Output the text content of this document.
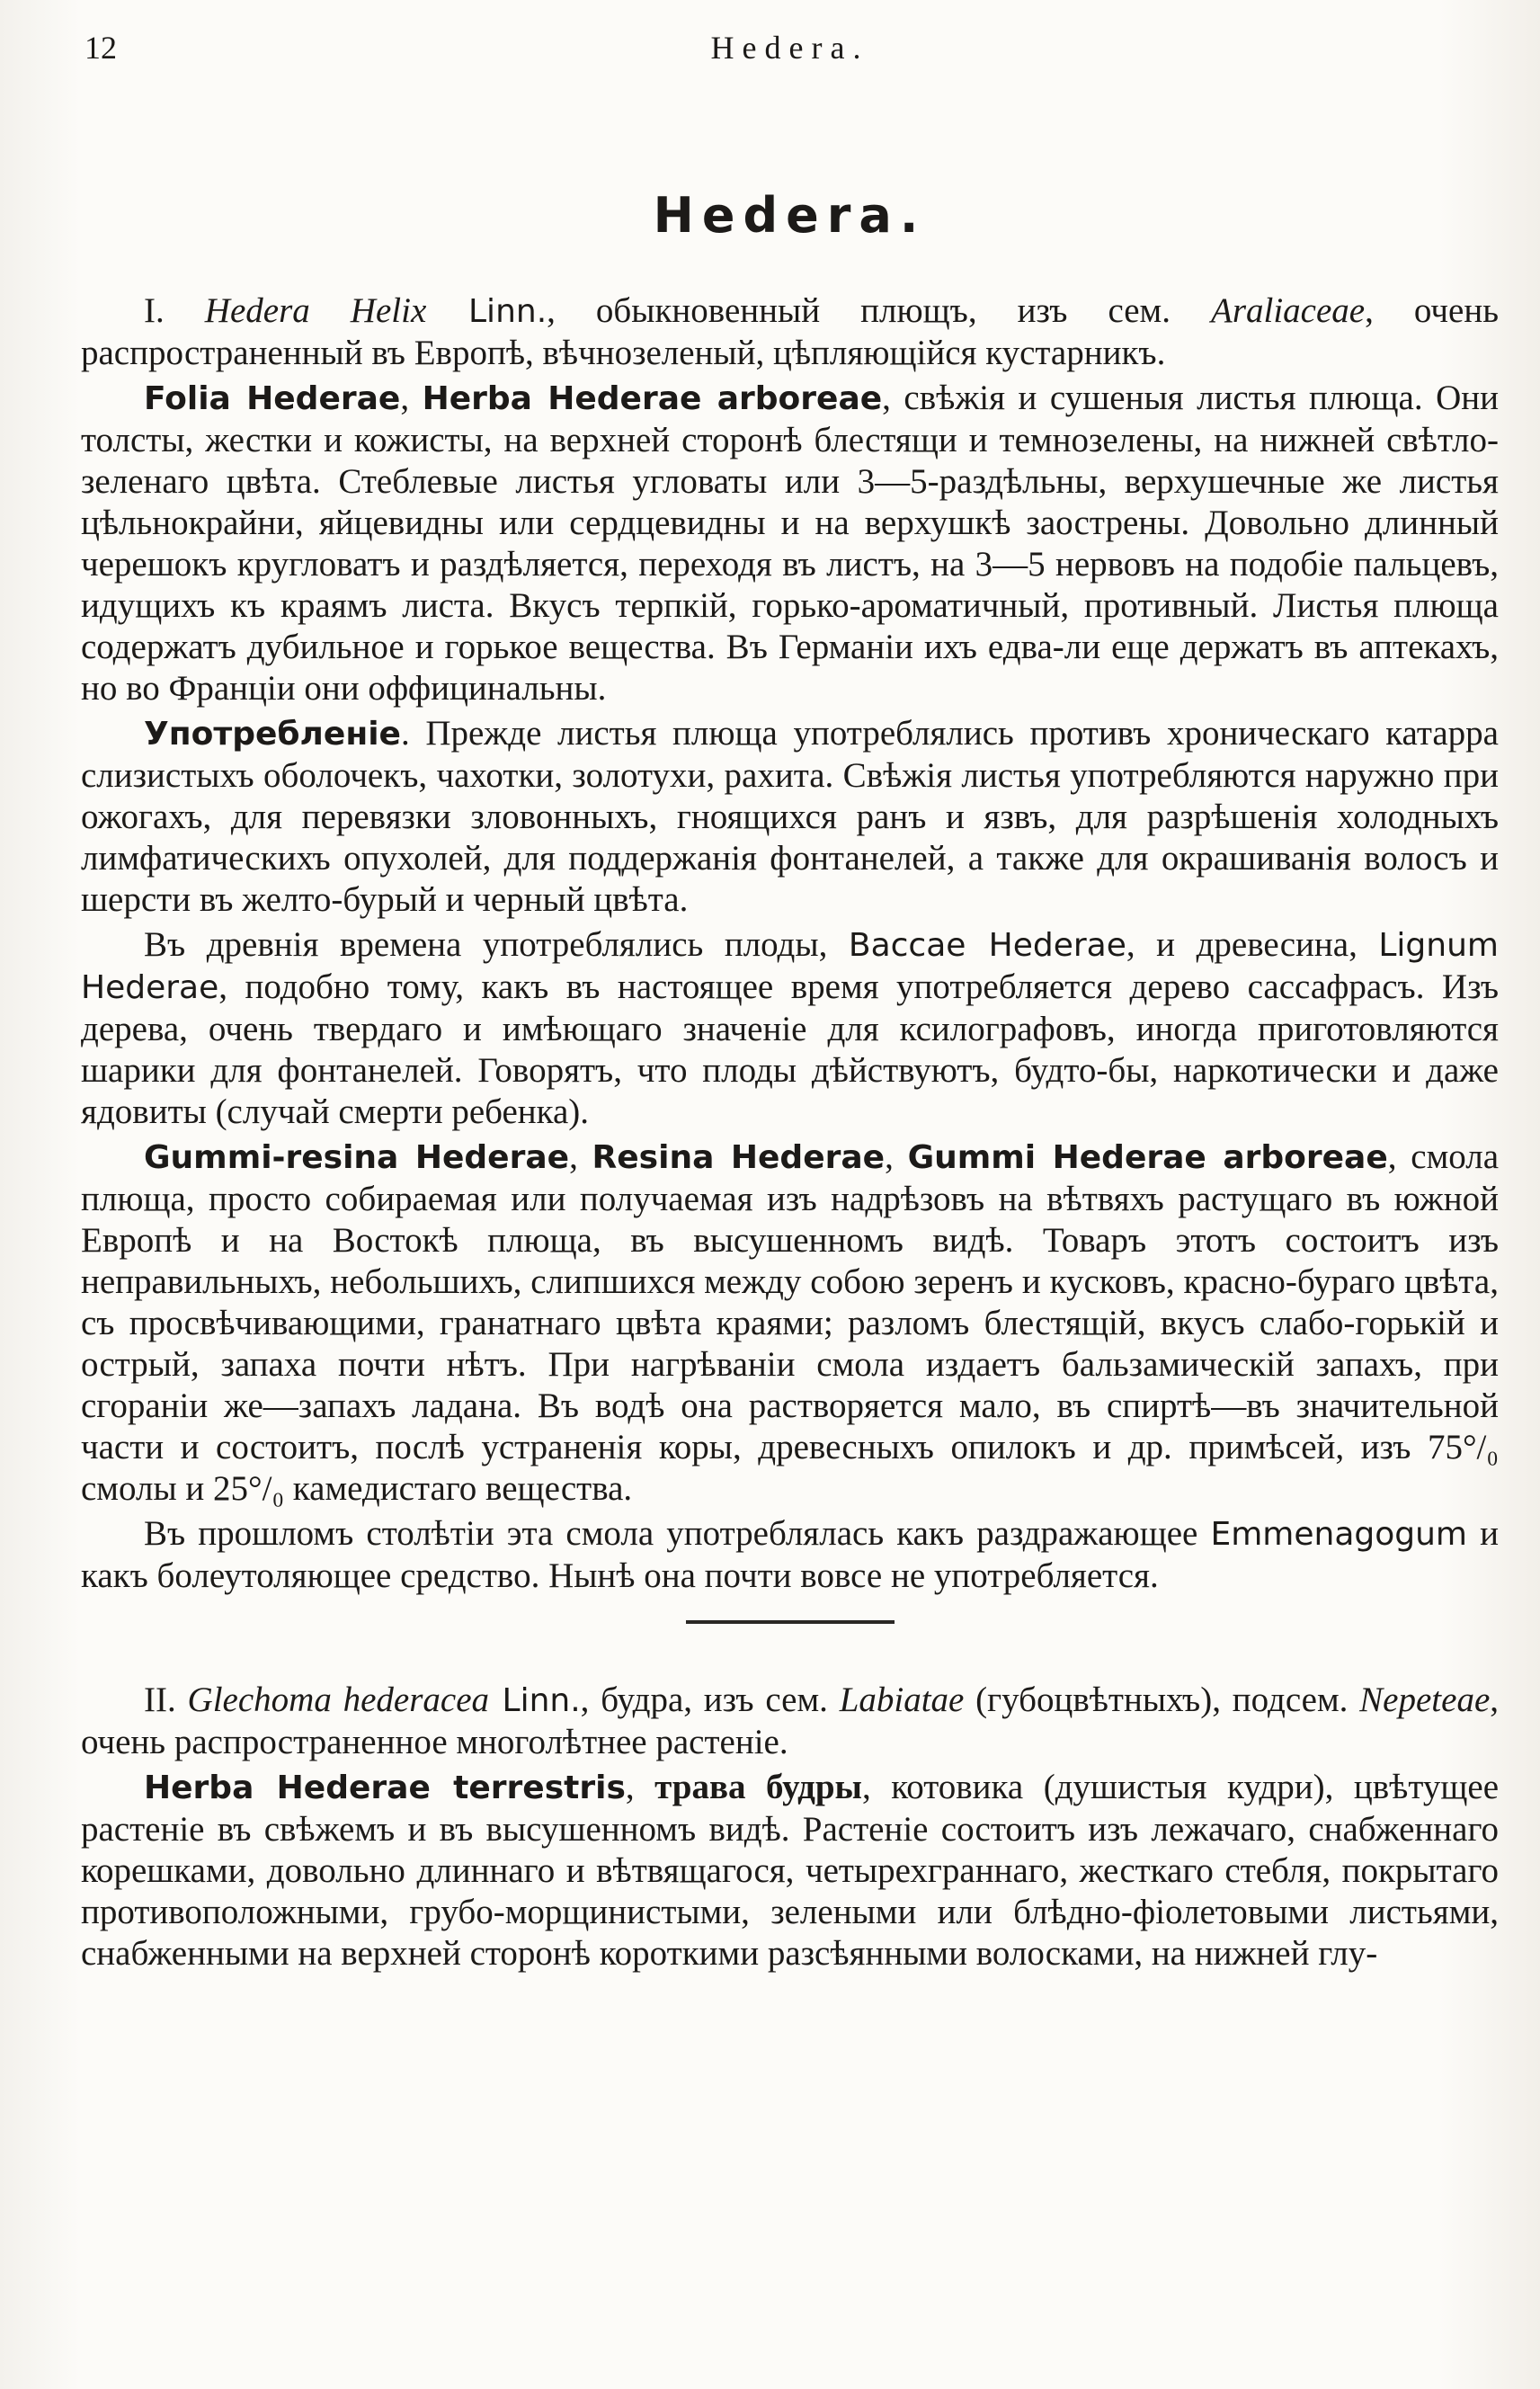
12	Hedera.
Hedera.

I. Hedera Helix Linn., обыкновенный плющъ, изъ сем. Araliaceae, очень распространенный въ Европѣ, вѣчнозеленый, цѣпляющійся кустарникъ.

Folia Hederae, Herba Hederae arboreae, свѣжія и сушеныя листья плюща. Они толсты, жестки и кожисты, на верхней сторонѣ блестящи и темнозелены, на нижней свѣтло-зеленаго цвѣта. Стеблевые листья угловаты или 3—5-раздѣльны, верхушечные же листья цѣльнокрайни, яйцевидны или сердцевидны и на верхушкѣ заострены. Довольно длинный черешокъ кругловатъ и раздѣляется, переходя въ листъ, на 3—5 нервовъ на подобіе пальцевъ, идущихъ къ краямъ листа. Вкусъ терпкій, горько-ароматичный, противный. Листья плюща содержатъ дубильное и горькое вещества. Въ Германіи ихъ едва-ли еще держатъ въ аптекахъ, но во Франціи они оффицинальны.

Употребленіе. Прежде листья плюща употреблялись противъ хроническаго катарра слизистыхъ оболочекъ, чахотки, золотухи, рахита. Свѣжія листья употребляются наружно при ожогахъ, для перевязки зловонныхъ, гноящихся ранъ и язвъ, для разрѣшенія холодныхъ лимфатическихъ опухолей, для поддержанія фонтанелей, а также для окрашиванія волосъ и шерсти въ желто-бурый и черный цвѣта.

Въ древнія времена употреблялись плоды, Baccae Hederae, и древесина, Lignum Hederae, подобно тому, какъ въ настоящее время употребляется дерево сассафрасъ. Изъ дерева, очень твердаго и имѣющаго значеніе для ксилографовъ, иногда приготовляются шарики для фонтанелей. Говорятъ, что плоды дѣйствуютъ, будто-бы, наркотически и даже ядовиты (случай смерти ребенка).

Gummi-resina Hederae, Resina Hederae, Gummi Hederae arboreae, смола плюща, просто собираемая или получаемая изъ надрѣзовъ на вѣтвяхъ растущаго въ южной Европѣ и на Востокѣ плюща, въ высушенномъ видѣ. Товаръ этотъ состоитъ изъ неправильныхъ, небольшихъ, слипшихся между собою зеренъ и кусковъ, красно-бураго цвѣта, съ просвѣчивающими, гранатнаго цвѣта краями; разломъ блестящій, вкусъ слабо-горькій и острый, запаха почти нѣтъ. При нагрѣваніи смола издаетъ бальзамическій запахъ, при сгораніи же—запахъ ладана. Въ водѣ она растворяется мало, въ спиртѣ—въ значительной части и состоитъ, послѣ устраненія коры, древесныхъ опилокъ и др. примѣсей, изъ 75°/₀ смолы и 25°/₀ камедистаго вещества.

Въ прошломъ столѣтіи эта смола употреблялась какъ раздражающее Emmenagogum и какъ болеутоляющее средство. Нынѣ она почти вовсе не употребляется.

II. Glechoma hederacea Linn., будра, изъ сем. Labiatae (губоцвѣтныхъ), подсем. Nepeteae, очень распространенное многолѣтнее растеніе.

Herba Hederae terrestris, трава будры, котовика (душистыя кудри), цвѣтущее растеніе въ свѣжемъ и въ высушенномъ видѣ. Растеніе состоитъ изъ лежачаго, снабженнаго корешками, довольно длиннаго и вѣтвящагося, четырехграннаго, жесткаго стебля, покрытаго противоположными, грубо-морщинистыми, зелеными или блѣдно-фіолетовыми листьями, снабженными на верхней сторонѣ короткими разсѣянными волосками, на нижней глу-
